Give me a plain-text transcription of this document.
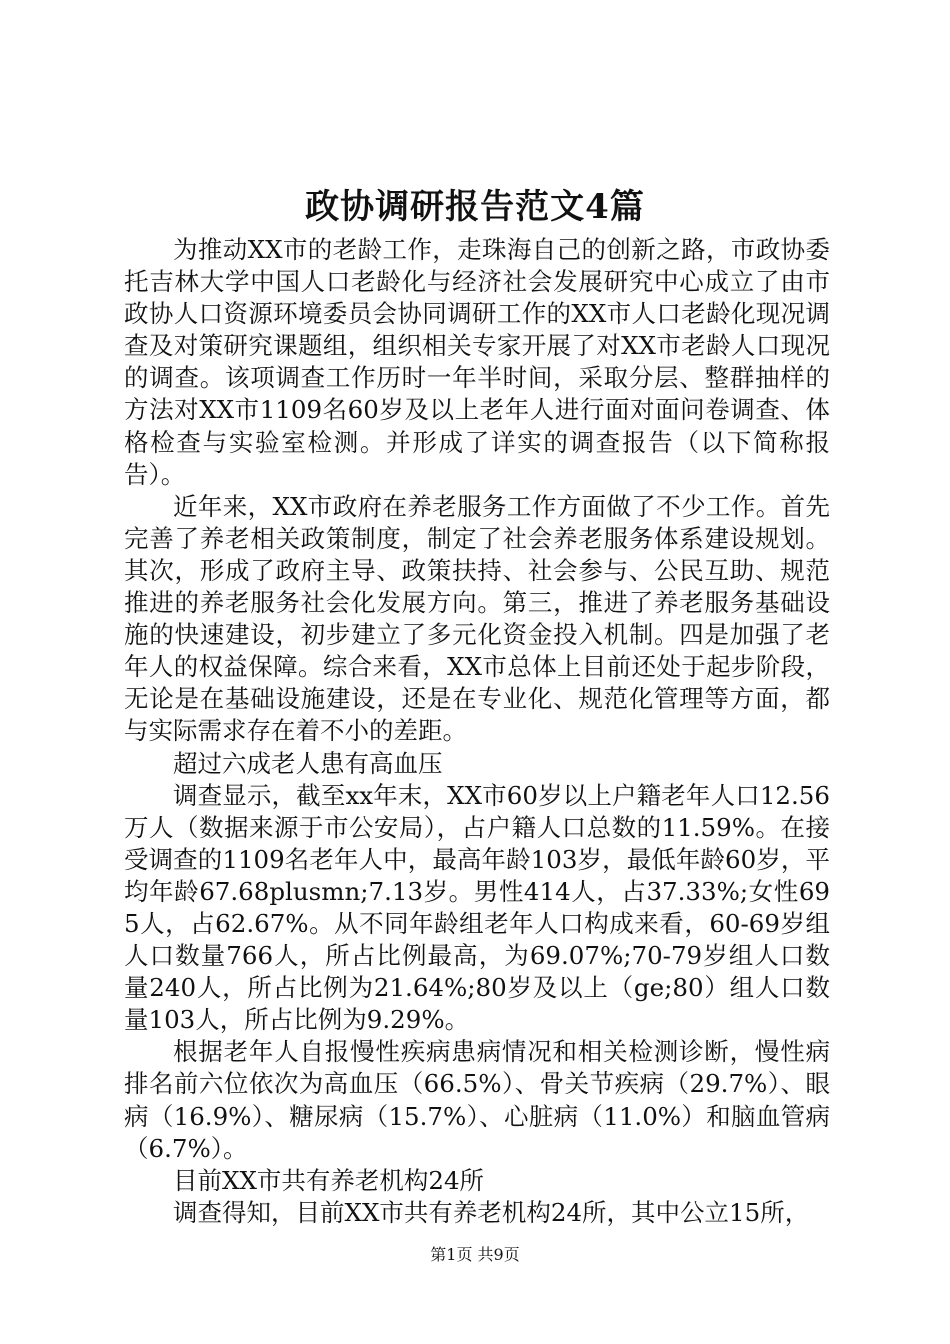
政协调研报告范文4篇

为推动XX市的老龄工作，走珠海自己的创新之路，市政协委托吉林大学中国人口老龄化与经济社会发展研究中心成立了由市政协人口资源环境委员会协同调研工作的XX市人口老龄化现况调查及对策研究课题组，组织相关专家开展了对XX市老龄人口现况的调查。该项调查工作历时一年半时间，采取分层、整群抽样的方法对XX市1109名60岁及以上老年人进行面对面问卷调查、体格检查与实验室检测。并形成了详实的调查报告（以下简称报告）。

近年来，XX市政府在养老服务工作方面做了不少工作。首先完善了养老相关政策制度，制定了社会养老服务体系建设规划。其次，形成了政府主导、政策扶持、社会参与、公民互助、规范推进的养老服务社会化发展方向。第三，推进了养老服务基础设施的快速建设，初步建立了多元化资金投入机制。四是加强了老年人的权益保障。综合来看，XX市总体上目前还处于起步阶段，无论是在基础设施建设，还是在专业化、规范化管理等方面，都与实际需求存在着不小的差距。

超过六成老人患有高血压

调查显示，截至xx年末，XX市60岁以上户籍老年人口12.56万人（数据来源于市公安局），占户籍人口总数的11.59%。在接受调查的1109名老年人中，最高年龄103岁，最低年龄60岁，平均年龄67.68plusmn;7.13岁。男性414人，占37.33%;女性695人，占62.67%。从不同年龄组老年人口构成来看，60-69岁组人口数量766人，所占比例最高，为69.07%;70-79岁组人口数量240人，所占比例为21.64%;80岁及以上（ge;80）组人口数量103人，所占比例为9.29%。

根据老年人自报慢性疾病患病情况和相关检测诊断，慢性病排名前六位依次为高血压（66.5%）、骨关节疾病（29.7%）、眼病（16.9%）、糖尿病（15.7%）、心脏病（11.0%）和脑血管病（6.7%）。

目前XX市共有养老机构24所

调查得知，目前XX市共有养老机构24所，其中公立15所，

第1页 共9页
